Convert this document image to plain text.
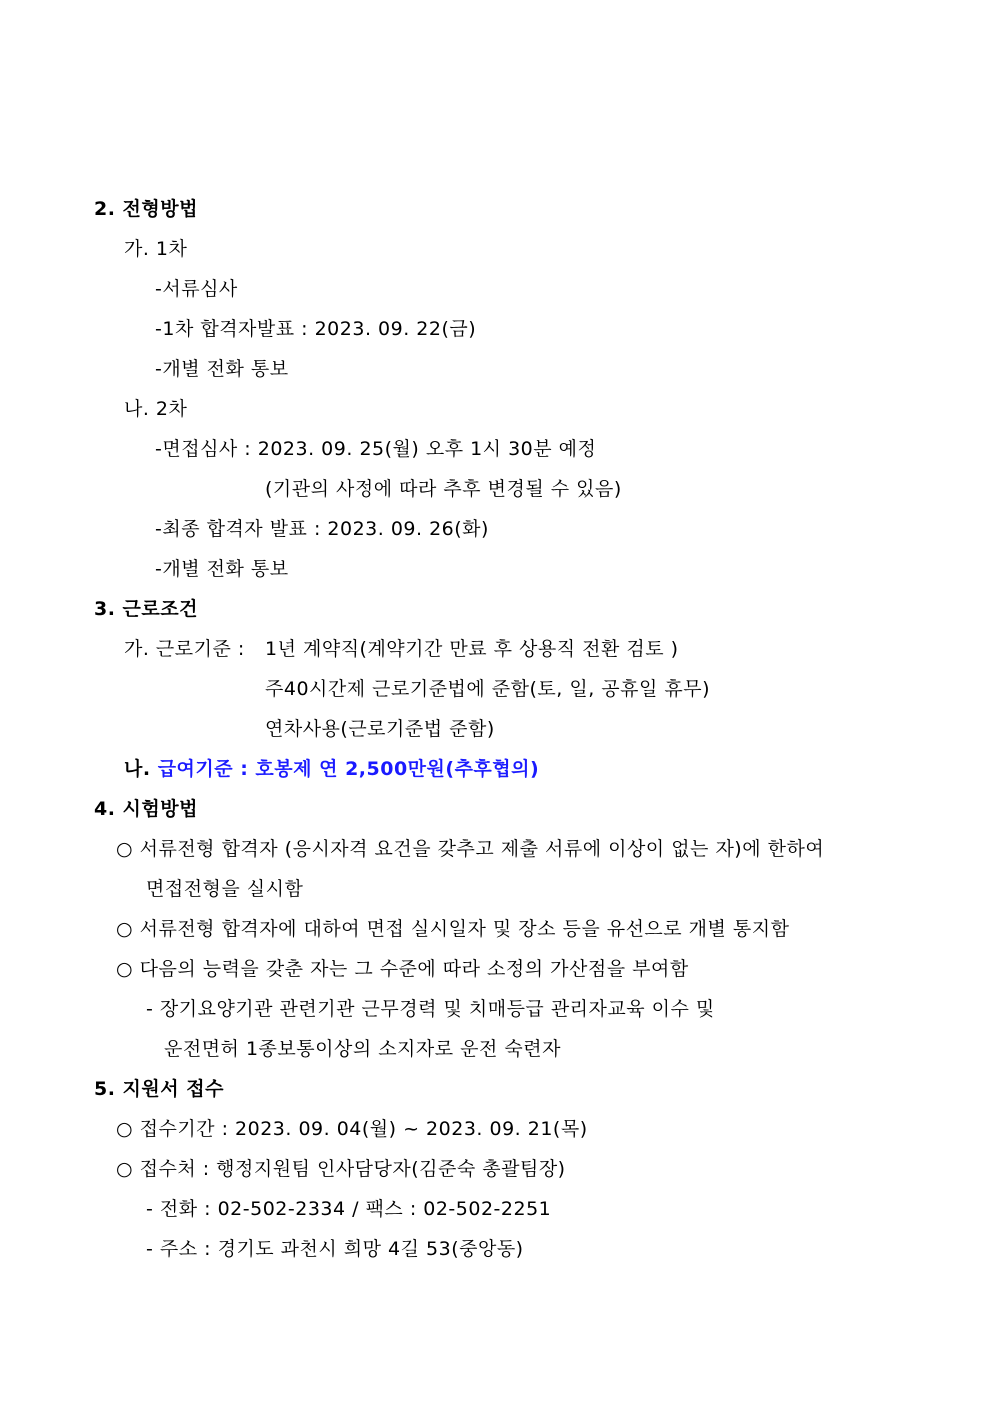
2. 전형방법
가. 1차
-서류심사
-1차 합격자발표 : 2023. 09. 22(금)
-개별 전화 통보
나. 2차
-면접심사 : 2023. 09. 25(월) 오후 1시 30분 예정
(기관의 사정에 따라 추후 변경될 수 있음)
-최종 합격자 발표 : 2023. 09. 26(화)
-개별 전화 통보
3. 근로조건
가. 근로기준 : 1년 계약직(계약기간 만료 후 상용직 전환 검토 )
주40시간제 근로기준법에 준함(토, 일, 공휴일 휴무)
연차사용(근로기준법 준함)
나. 급여기준 : 호봉제 연 2,500만원(추후협의)
4. 시험방법
○ 서류전형 합격자 (응시자격 요건을 갖추고 제출 서류에 이상이 없는 자)에 한하여
면접전형을 실시함
○ 서류전형 합격자에 대하여 면접 실시일자 및 장소 등을 유선으로 개별 통지함
○ 다음의 능력을 갖춘 자는 그 수준에 따라 소정의 가산점을 부여함
- 장기요양기관 관련기관 근무경력 및 치매등급 관리자교육 이수 및
운전면허 1종보통이상의 소지자로 운전 숙련자
5. 지원서 접수
○ 접수기간 : 2023. 09. 04(월) ~ 2023. 09. 21(목)
○ 접수처 : 행정지원팀 인사담당자(김준숙 총괄팀장)
- 전화 : 02-502-2334 / 팩스 : 02-502-2251
- 주소 : 경기도 과천시 희망 4길 53(중앙동)
